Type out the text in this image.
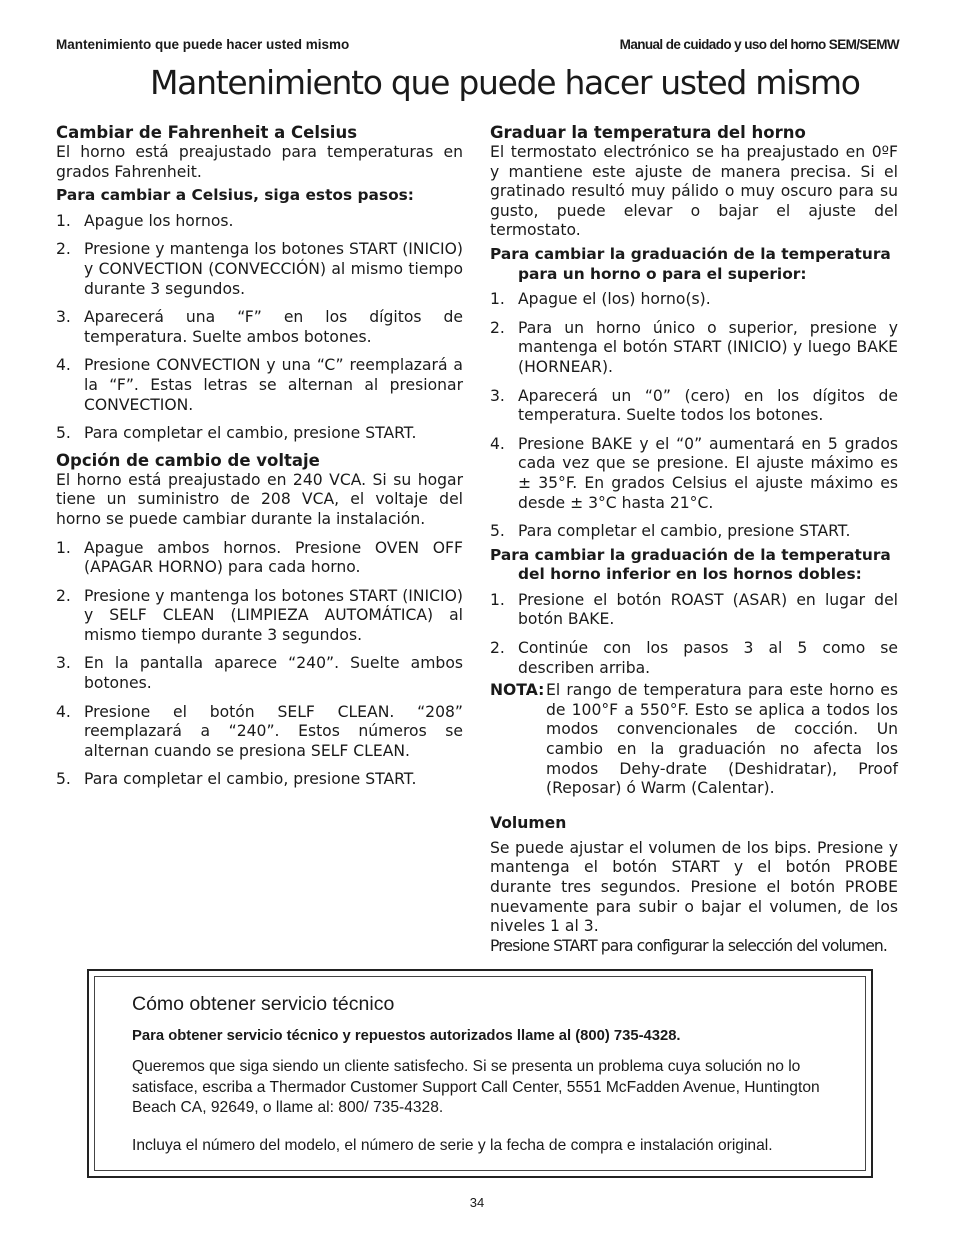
Mantenimiento que puede hacer usted mismo	Manual de cuidado y uso del horno SEM/SEMW
Mantenimiento que puede hacer usted mismo
Cambiar de Fahrenheit a Celsius

El horno está preajustado para temperaturas en grados Fahrenheit.

Para cambiar a Celsius, siga estos pasos:

1. Apague los hornos.
2. Presione y mantenga los botones START (INICIO) y CONVECTION (CONVECCIÓN) al mismo tiempo durante 3 segundos.
3. Aparecerá una “F” en los dígitos de temperatura. Suelte ambos botones.
4. Presione CONVECTION y una “C” reemplazará a la “F”. Estas letras se alternan al presionar CONVECTION.
5. Para completar el cambio, presione START.
Opción de cambio de voltaje

El horno está preajustado en 240 VCA. Si su hogar tiene un suministro de 208 VCA, el voltaje del horno se puede cambiar durante la instalación.

1. Apague ambos hornos. Presione OVEN OFF (APAGAR HORNO) para cada horno.
2. Presione y mantenga los botones START (INICIO) y SELF CLEAN (LIMPIEZA AUTOMÁTICA) al mismo tiempo durante 3 segundos.
3. En la pantalla aparece “240”. Suelte ambos botones.
4. Presione el botón SELF CLEAN. “208” reemplazará a “240”. Estos números se alternan cuando se presiona SELF CLEAN.
5. Para completar el cambio, presione START.
Graduar la temperatura del horno

El termostato electrónico se ha preajustado en 0ºF y mantiene este ajuste de manera precisa. Si el gratinado resultó muy pálido o muy oscuro para su gusto, puede elevar o bajar el ajuste del termostato.

Para cambiar la graduación de la temperatura para un horno o para el superior:

1. Apague el (los) horno(s).
2. Para un horno único o superior, presione y mantenga el botón START (INICIO) y luego BAKE (HORNEAR).
3. Aparecerá un “0” (cero) en los dígitos de temperatura. Suelte todos los botones.
4. Presione BAKE y el “0” aumentará en 5 grados cada vez que se presione. El ajuste máximo es ± 35°F. En grados Celsius el ajuste máximo es desde ± 3°C hasta 21°C.
5. Para completar el cambio, presione START.

Para cambiar la graduación de la temperatura del horno inferior en los hornos dobles:

1. Presione el botón ROAST (ASAR) en lugar del botón BAKE.
2. Continúe con los pasos 3 al 5 como se describen arriba.
NOTA: El rango de temperatura para este horno es de 100°F a 550°F. Esto se aplica a todos los modos convencionales de cocción. Un cambio en la graduación no afecta los modos Dehy-drate (Deshidratar), Proof (Reposar) ó Warm (Calentar).
Volumen

Se puede ajustar el volumen de los bips. Presione y mantenga el botón START y el botón PROBE durante tres segundos. Presione el botón PROBE nuevamente para subir o bajar el volumen, de los niveles 1 al 3.

Presione START para configurar la selección del volumen.

Cómo obtener servicio técnico
Para obtener servicio técnico y repuestos autorizados llame al (800) 735-4328.
Queremos que siga siendo un cliente satisfecho. Si se presenta un problema cuya solución no lo satisface, escriba a Thermador Customer Support Call Center, 5551 McFadden Avenue, Huntington Beach CA, 92649, o llame al: 800/ 735-4328.
Incluya el número del modelo, el número de serie y la fecha de compra e instalación original.
34
